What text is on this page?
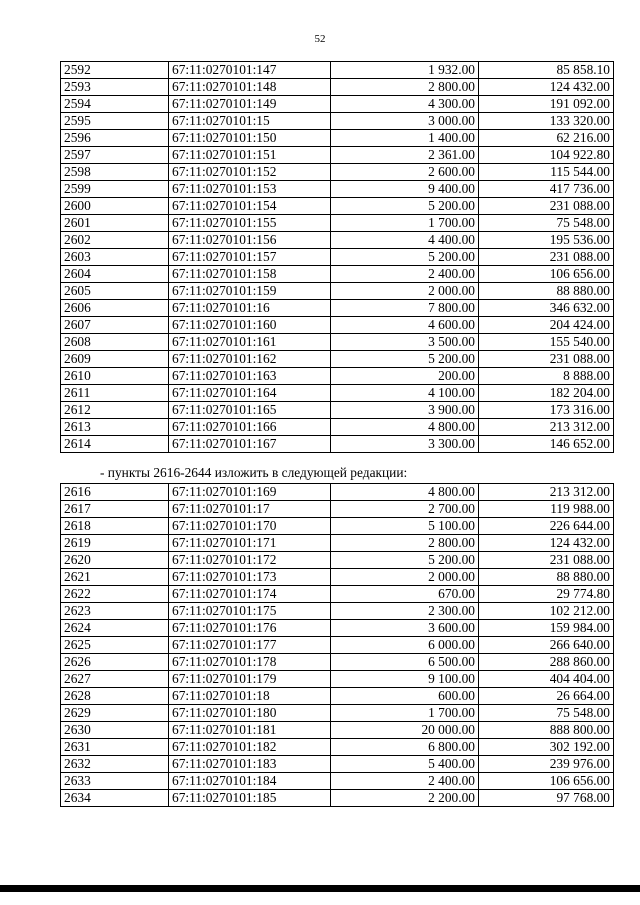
52
2592	67:11:0270101:147	1 932.00	85 858.10
2593	67:11:0270101:148	2 800.00	124 432.00
2594	67:11:0270101:149	4 300.00	191 092.00
2595	67:11:0270101:15	3 000.00	133 320.00
2596	67:11:0270101:150	1 400.00	62 216.00
2597	67:11:0270101:151	2 361.00	104 922.80
2598	67:11:0270101:152	2 600.00	115 544.00
2599	67:11:0270101:153	9 400.00	417 736.00
2600	67:11:0270101:154	5 200.00	231 088.00
2601	67:11:0270101:155	1 700.00	75 548.00
2602	67:11:0270101:156	4 400.00	195 536.00
2603	67:11:0270101:157	5 200.00	231 088.00
2604	67:11:0270101:158	2 400.00	106 656.00
2605	67:11:0270101:159	2 000.00	88 880.00
2606	67:11:0270101:16	7 800.00	346 632.00
2607	67:11:0270101:160	4 600.00	204 424.00
2608	67:11:0270101:161	3 500.00	155 540.00
2609	67:11:0270101:162	5 200.00	231 088.00
2610	67:11:0270101:163	200.00	8 888.00
2611	67:11:0270101:164	4 100.00	182 204.00
2612	67:11:0270101:165	3 900.00	173 316.00
2613	67:11:0270101:166	4 800.00	213 312.00
2614	67:11:0270101:167	3 300.00	146 652.00
- пункты 2616-2644 изложить в следующей редакции:
2616	67:11:0270101:169	4 800.00	213 312.00
2617	67:11:0270101:17	2 700.00	119 988.00
2618	67:11:0270101:170	5 100.00	226 644.00
2619	67:11:0270101:171	2 800.00	124 432.00
2620	67:11:0270101:172	5 200.00	231 088.00
2621	67:11:0270101:173	2 000.00	88 880.00
2622	67:11:0270101:174	670.00	29 774.80
2623	67:11:0270101:175	2 300.00	102 212.00
2624	67:11:0270101:176	3 600.00	159 984.00
2625	67:11:0270101:177	6 000.00	266 640.00
2626	67:11:0270101:178	6 500.00	288 860.00
2627	67:11:0270101:179	9 100.00	404 404.00
2628	67:11:0270101:18	600.00	26 664.00
2629	67:11:0270101:180	1 700.00	75 548.00
2630	67:11:0270101:181	20 000.00	888 800.00
2631	67:11:0270101:182	6 800.00	302 192.00
2632	67:11:0270101:183	5 400.00	239 976.00
2633	67:11:0270101:184	2 400.00	106 656.00
2634	67:11:0270101:185	2 200.00	97 768.00
